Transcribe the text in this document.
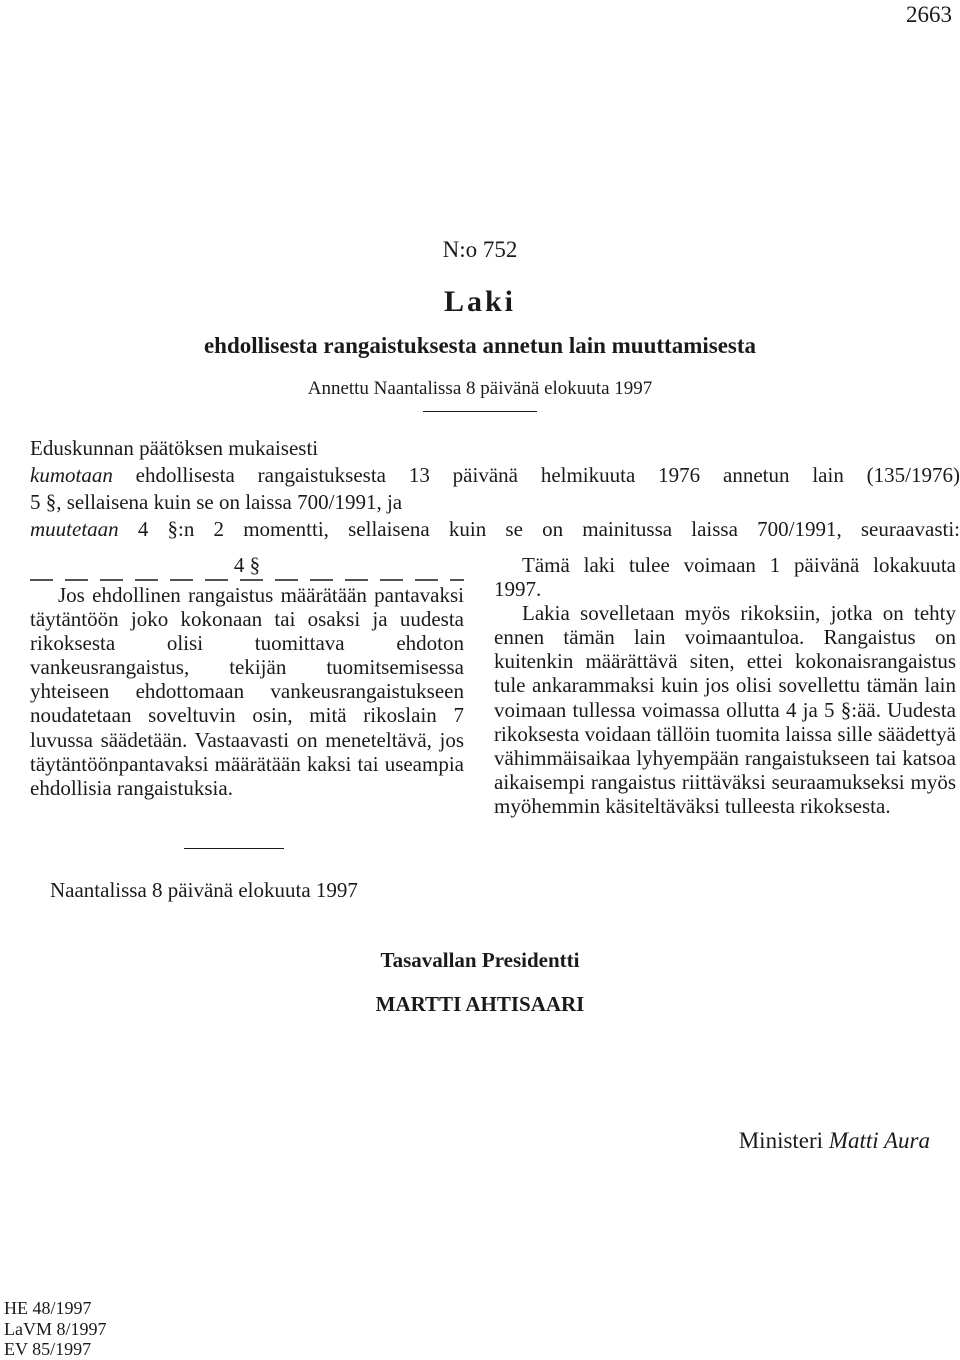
2663
N:o 752
Laki
ehdollisesta rangaistuksesta annetun lain muuttamisesta
Annettu Naantalissa 8 päivänä elokuuta 1997
Eduskunnan päätöksen mukaisesti
kumotaan ehdollisesta rangaistuksesta 13 päivänä helmikuuta 1976 annetun lain (135/1976)
5 §, sellaisena kuin se on laissa 700/1991, ja
muutetaan 4 §:n 2 momentti, sellaisena kuin se on mainitussa laissa 700/1991, seuraavasti:
4 §

Jos ehdollinen rangaistus määrätään pantavaksi täytäntöön joko kokonaan tai osaksi ja uudesta rikoksesta olisi tuomittava ehdoton vankeusrangaistus, tekijän tuomitsemisessa yhteiseen ehdottomaan vankeusrangaistukseen noudatetaan soveltuvin osin, mitä rikoslain 7 luvussa säädetään. Vastaavasti on meneteltävä, jos täytäntöönpantavaksi määrätään kaksi tai useampia ehdollisia rangaistuksia.

Tämä laki tulee voimaan 1 päivänä lokakuuta 1997.

Lakia sovelletaan myös rikoksiin, jotka on tehty ennen tämän lain voimaantuloa. Rangaistus on kuitenkin määrättävä siten, ettei kokonaisrangaistus tule ankarammaksi kuin jos olisi sovellettu tämän lain voimaan tullessa voimassa ollutta 4 ja 5 §:ää. Uudesta rikoksesta voidaan tällöin tuomita laissa sille säädettyä vähimmäisaikaa lyhyempään rangaistukseen tai katsoa aikaisempi rangaistus riittäväksi seuraamukseksi myös myöhemmin käsiteltäväksi tulleesta rikoksesta.

Naantalissa 8 päivänä elokuuta 1997
Tasavallan Presidentti
MARTTI AHTISAARI
Ministeri Matti Aura
HE 48/1997
LaVM 8/1997
EV 85/1997
